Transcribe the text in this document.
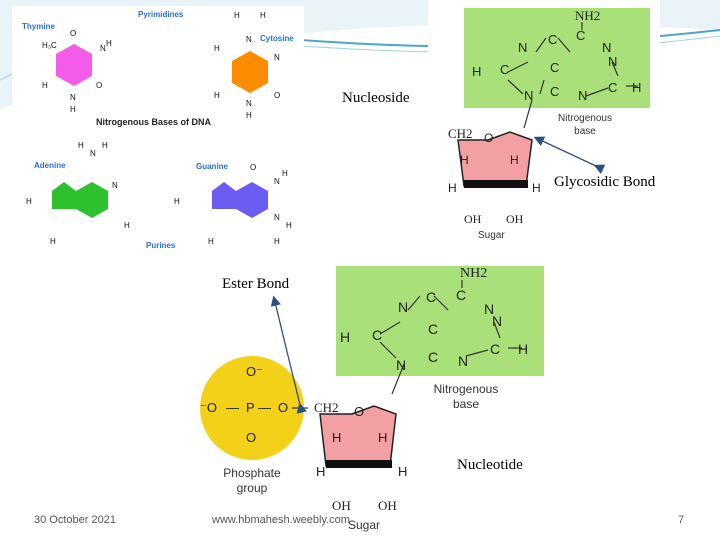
H₃C
O
N
H
O
N
H
H
N
H	H
H
N
O
N
H
H
N
H H
H
N
H
H
O
N
H
H
N
H
H
H
Thymine
Pyrimidines
Cytosine
Nitrogenous Bases of DNA
Adenine	Guanine
Purines
N
C C
N
C
H
N
C
C N
C H
N
O
H	H
H	H
NH2
CH2
OH OH
Nitrogenous base
Sugar
Nucleoside
Glycosidic Bond
N
C C
N
C
H
N
C
C N
C H
N
O⁻
⁻O — P — O
O
O
H	H
H	H
NH2
CH2
OH OH
Nitrogenous base
Phosphate group
Sugar
Ester Bond
Nucleotide
30 October 2021	www.hbmahesh.weebly.com	7
